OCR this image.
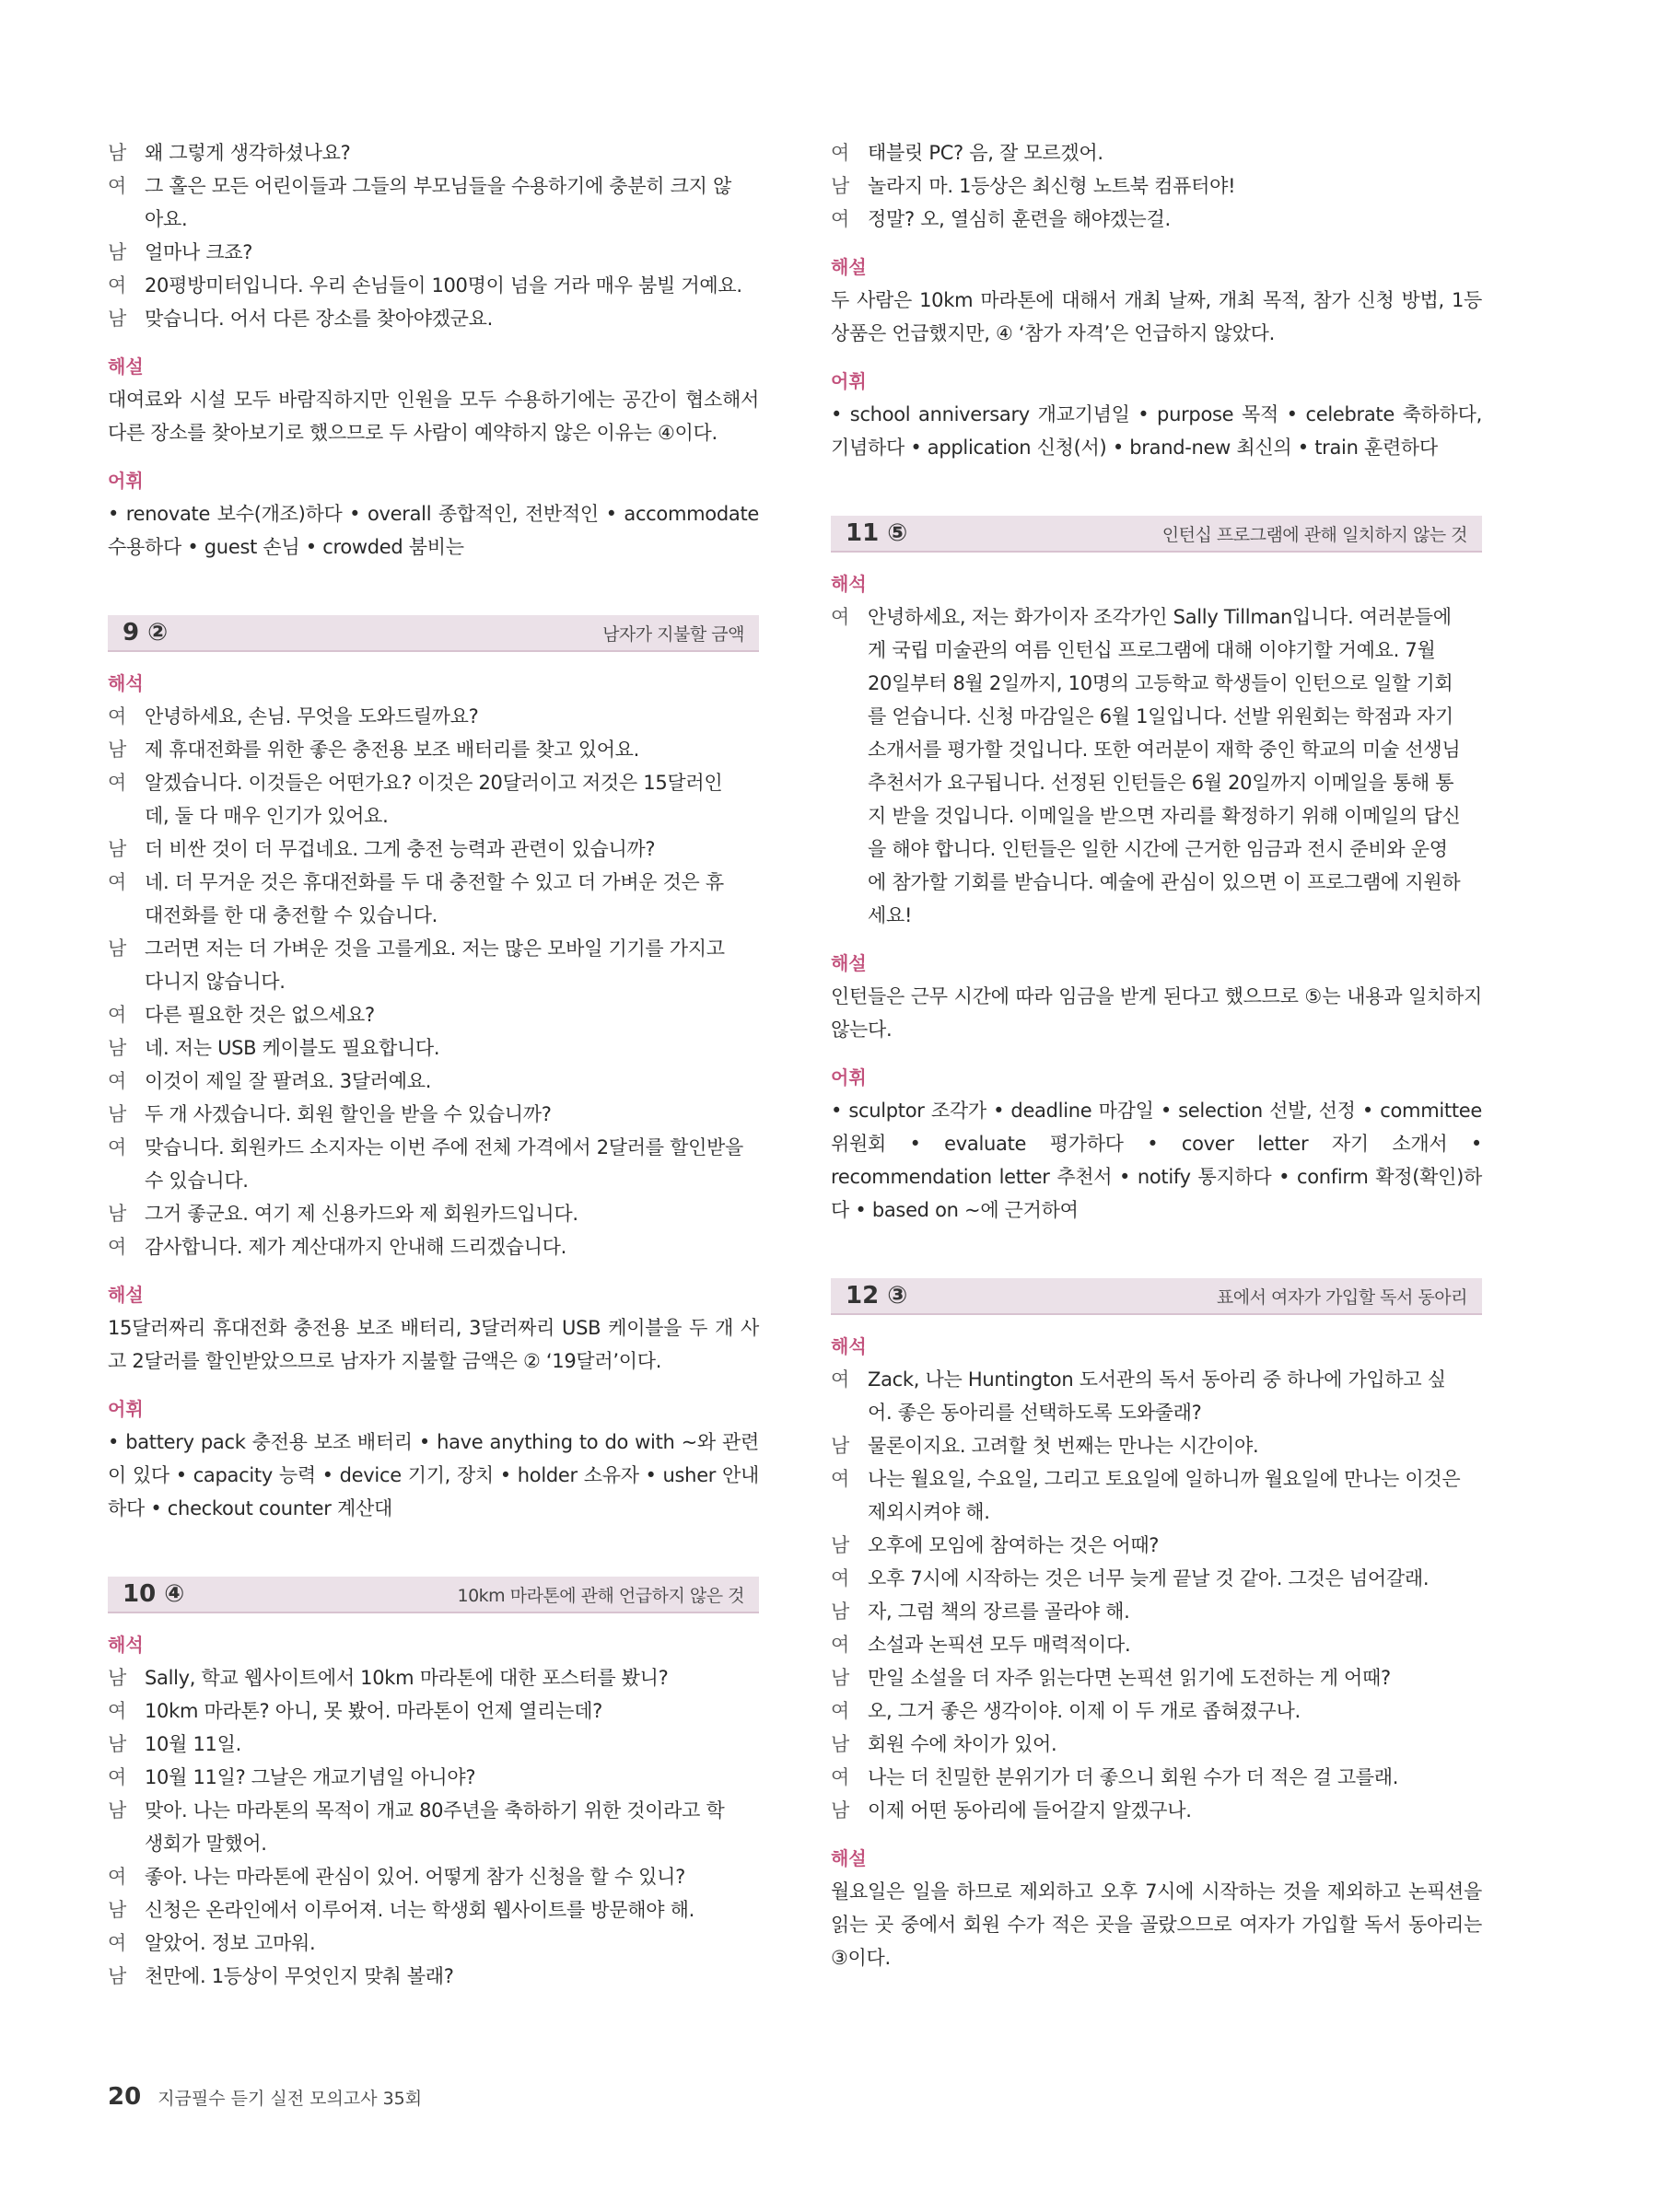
남 왜 그렇게 생각하셨나요?
여 그 홀은 모든 어린이들과 그들의 부모님들을 수용하기에 충분히 크지 않
아요.
남 얼마나 크죠?
여 20평방미터입니다. 우리 손님들이 100명이 넘을 거라 매우 붐빌 거예요.
남 맞습니다. 어서 다른 장소를 찾아야겠군요.
해설
대여료와 시설 모두 바람직하지만 인원을 모두 수용하기에는 공간이 협소해서 다른 장소를 찾아보기로 했으므로 두 사람이 예약하지 않은 이유는 ④이다.
어휘
• renovate 보수(개조)하다 • overall 종합적인, 전반적인 • accommodate 수용하다 • guest 손님 • crowded 붐비는
9 ②	남자가 지불할 금액
해석
여 안녕하세요, 손님. 무엇을 도와드릴까요?
남 제 휴대전화를 위한 좋은 충전용 보조 배터리를 찾고 있어요.
여 알겠습니다. 이것들은 어떤가요? 이것은 20달러이고 저것은 15달러인
데, 둘 다 매우 인기가 있어요.
남 더 비싼 것이 더 무겁네요. 그게 충전 능력과 관련이 있습니까?
여 네. 더 무거운 것은 휴대전화를 두 대 충전할 수 있고 더 가벼운 것은 휴
대전화를 한 대 충전할 수 있습니다.
남 그러면 저는 더 가벼운 것을 고를게요. 저는 많은 모바일 기기를 가지고
다니지 않습니다.
여 다른 필요한 것은 없으세요?
남 네. 저는 USB 케이블도 필요합니다.
여 이것이 제일 잘 팔려요. 3달러예요.
남 두 개 사겠습니다. 회원 할인을 받을 수 있습니까?
여 맞습니다. 회원카드 소지자는 이번 주에 전체 가격에서 2달러를 할인받을
수 있습니다.
남 그거 좋군요. 여기 제 신용카드와 제 회원카드입니다.
여 감사합니다. 제가 계산대까지 안내해 드리겠습니다.
해설
15달러짜리 휴대전화 충전용 보조 배터리, 3달러짜리 USB 케이블을 두 개 사고 2달러를 할인받았으므로 남자가 지불할 금액은 ② ‘19달러’이다.
어휘
• battery pack 충전용 보조 배터리 • have anything to do with ~와 관련이 있다 • capacity 능력 • device 기기, 장치 • holder 소유자 • usher 안내하다 • checkout counter 계산대
10 ④	10km 마라톤에 관해 언급하지 않은 것
해석
남 Sally, 학교 웹사이트에서 10km 마라톤에 대한 포스터를 봤니?
여 10km 마라톤? 아니, 못 봤어. 마라톤이 언제 열리는데?
남 10월 11일.
여 10월 11일? 그날은 개교기념일 아니야?
남 맞아. 나는 마라톤의 목적이 개교 80주년을 축하하기 위한 것이라고 학
생회가 말했어.
여 좋아. 나는 마라톤에 관심이 있어. 어떻게 참가 신청을 할 수 있니?
남 신청은 온라인에서 이루어져. 너는 학생회 웹사이트를 방문해야 해.
여 알았어. 정보 고마워.
남 천만에. 1등상이 무엇인지 맞춰 볼래?
여 태블릿 PC? 음, 잘 모르겠어.
남 놀라지 마. 1등상은 최신형 노트북 컴퓨터야!
여 정말? 오, 열심히 훈련을 해야겠는걸.
해설
두 사람은 10km 마라톤에 대해서 개최 날짜, 개최 목적, 참가 신청 방법, 1등 상품은 언급했지만, ④ ‘참가 자격’은 언급하지 않았다.
어휘
• school anniversary 개교기념일 • purpose 목적 • celebrate 축하하다, 기념하다 • application 신청(서) • brand-new 최신의 • train 훈련하다
11 ⑤	인턴십 프로그램에 관해 일치하지 않는 것
해석
여 안녕하세요, 저는 화가이자 조각가인 Sally Tillman입니다. 여러분들에
게 국립 미술관의 여름 인턴십 프로그램에 대해 이야기할 거예요. 7월
20일부터 8월 2일까지, 10명의 고등학교 학생들이 인턴으로 일할 기회
를 얻습니다. 신청 마감일은 6월 1일입니다. 선발 위원회는 학점과 자기
소개서를 평가할 것입니다. 또한 여러분이 재학 중인 학교의 미술 선생님
추천서가 요구됩니다. 선정된 인턴들은 6월 20일까지 이메일을 통해 통
지 받을 것입니다. 이메일을 받으면 자리를 확정하기 위해 이메일의 답신
을 해야 합니다. 인턴들은 일한 시간에 근거한 임금과 전시 준비와 운영
에 참가할 기회를 받습니다. 예술에 관심이 있으면 이 프로그램에 지원하
세요!
해설
인턴들은 근무 시간에 따라 임금을 받게 된다고 했으므로 ⑤는 내용과 일치하지 않는다.
어휘
• sculptor 조각가 • deadline 마감일 • selection 선발, 선정 • committee 위원회 • evaluate 평가하다 • cover letter 자기 소개서 • recommendation letter 추천서 • notify 통지하다 • confirm 확정(확인)하다 • based on ~에 근거하여
12 ③	표에서 여자가 가입할 독서 동아리
해석
여 Zack, 나는 Huntington 도서관의 독서 동아리 중 하나에 가입하고 싶
어. 좋은 동아리를 선택하도록 도와줄래?
남 물론이지요. 고려할 첫 번째는 만나는 시간이야.
여 나는 월요일, 수요일, 그리고 토요일에 일하니까 월요일에 만나는 이것은
제외시켜야 해.
남 오후에 모임에 참여하는 것은 어때?
여 오후 7시에 시작하는 것은 너무 늦게 끝날 것 같아. 그것은 넘어갈래.
남 자, 그럼 책의 장르를 골라야 해.
여 소설과 논픽션 모두 매력적이다.
남 만일 소설을 더 자주 읽는다면 논픽션 읽기에 도전하는 게 어때?
여 오, 그거 좋은 생각이야. 이제 이 두 개로 좁혀졌구나.
남 회원 수에 차이가 있어.
여 나는 더 친밀한 분위기가 더 좋으니 회원 수가 더 적은 걸 고를래.
남 이제 어떤 동아리에 들어갈지 알겠구나.
해설
월요일은 일을 하므로 제외하고 오후 7시에 시작하는 것을 제외하고 논픽션을 읽는 곳 중에서 회원 수가 적은 곳을 골랐으므로 여자가 가입할 독서 동아리는 ③이다.
20 지금필수 듣기 실전 모의고사 35회
